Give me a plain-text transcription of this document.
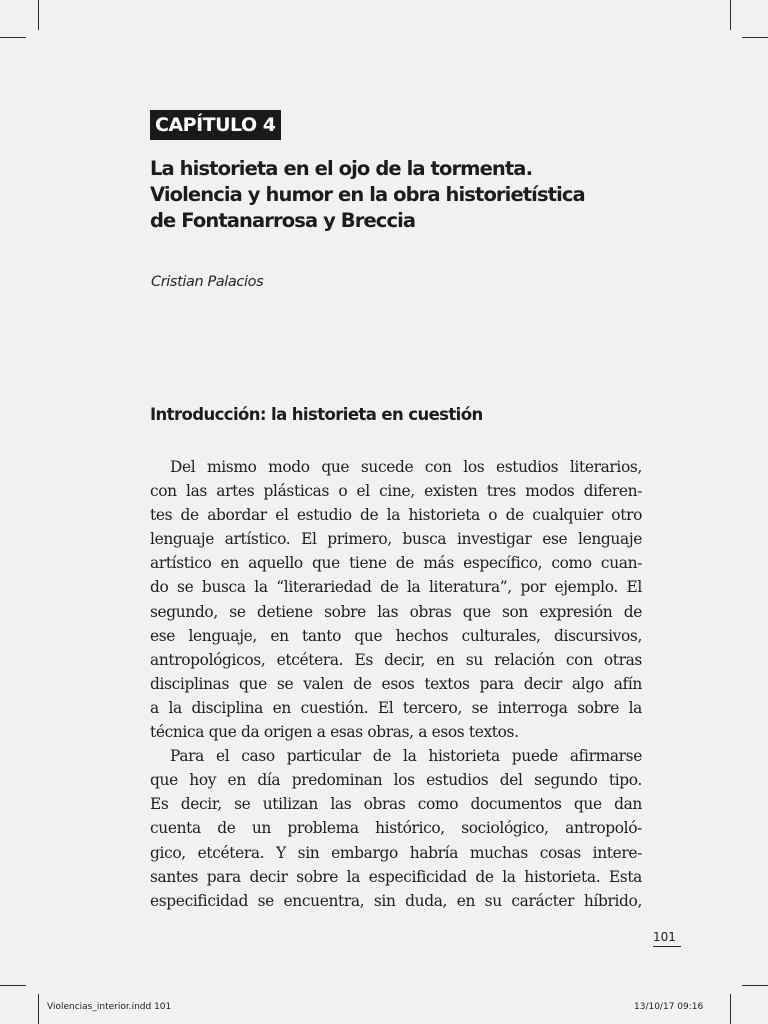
CAPÍTULO 4
La historieta en el ojo de la tormenta.
Violencia y humor en la obra historietística
de Fontanarrosa y Breccia
Cristian Palacios
Introducción: la historieta en cuestión
Del mismo modo que sucede con los estudios literarios,
con las artes plásticas o el cine, existen tres modos diferen-
tes de abordar el estudio de la historieta o de cualquier otro
lenguaje artístico. El primero, busca investigar ese lenguaje
artístico en aquello que tiene de más específico, como cuan-
do se busca la “literariedad de la literatura”, por ejemplo. El
segundo, se detiene sobre las obras que son expresión de
ese lenguaje, en tanto que hechos culturales, discursivos,
antropológicos, etcétera. Es decir, en su relación con otras
disciplinas que se valen de esos textos para decir algo afín
a la disciplina en cuestión. El tercero, se interroga sobre la
técnica que da origen a esas obras, a esos textos.
Para el caso particular de la historieta puede afirmarse
que hoy en día predominan los estudios del segundo tipo.
Es decir, se utilizan las obras como documentos que dan
cuenta de un problema histórico, sociológico, antropoló-
gico, etcétera. Y sin embargo habría muchas cosas intere-
santes para decir sobre la especificidad de la historieta. Esta
especificidad se encuentra, sin duda, en su carácter híbrido,
101
Violencias_interior.indd 101	13/10/17 09:16
